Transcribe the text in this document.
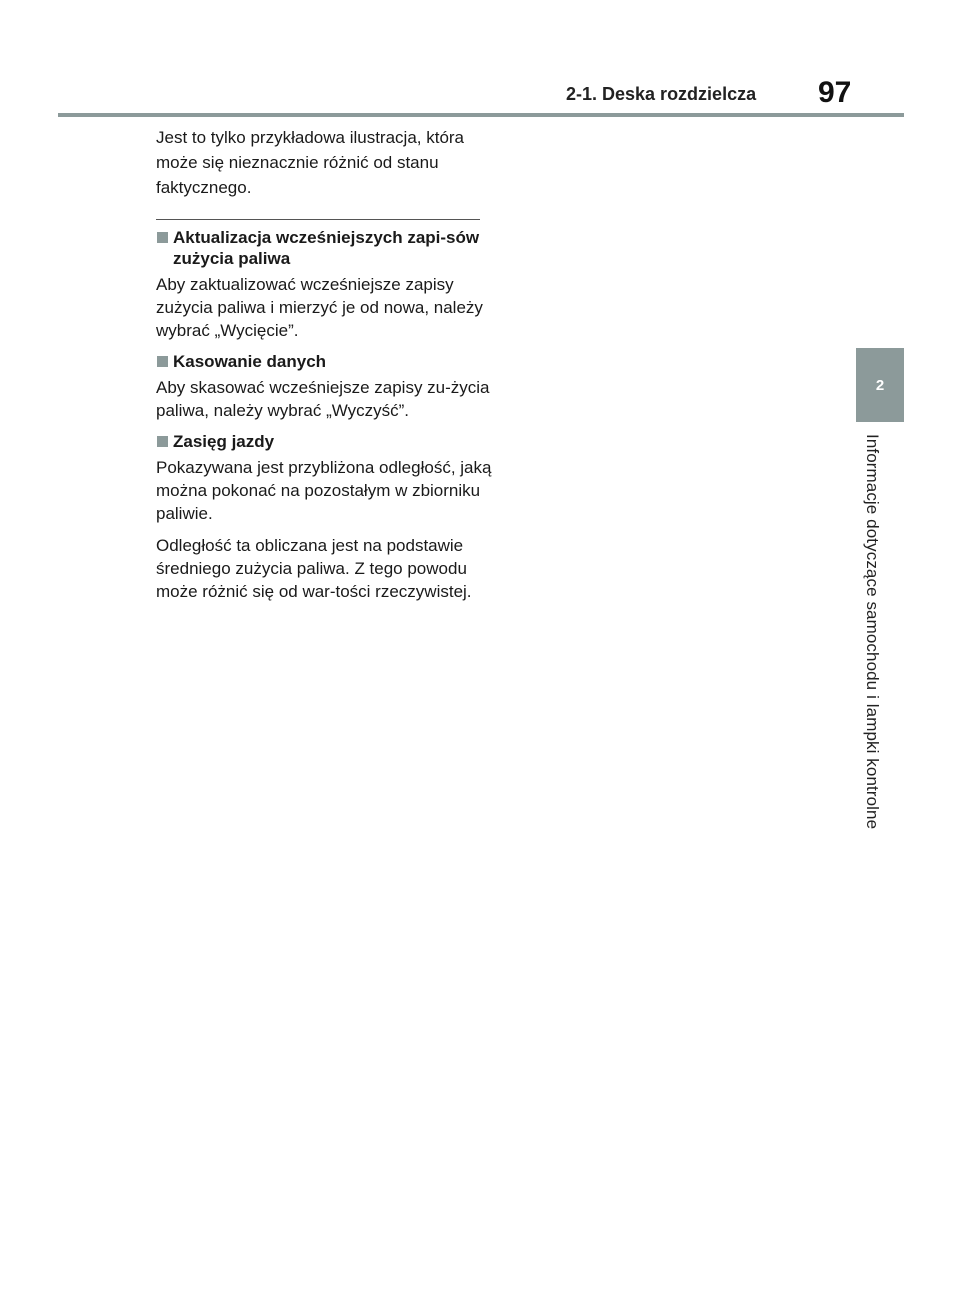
2-1. Deska rozdzielcza 97
2
Informacje dotyczące samochodu i lampki kontrolne

Jest to tylko przykładowa ilustracja, która może się nieznacznie różnić od stanu faktycznego.

Aktualizacja wcześniejszych zapi-sów zużycia paliwa

Aby zaktualizować wcześniejsze zapisy zużycia paliwa i mierzyć je od nowa, należy wybrać „Wycięcie”.

Kasowanie danych

Aby skasować wcześniejsze zapisy zu-życia paliwa, należy wybrać „Wyczyść”.

Zasięg jazdy

Pokazywana jest przybliżona odległość, jaką można pokonać na pozostałym w zbiorniku paliwie.

Odległość ta obliczana jest na podstawie średniego zużycia paliwa. Z tego powodu może różnić się od war-tości rzeczywistej.
